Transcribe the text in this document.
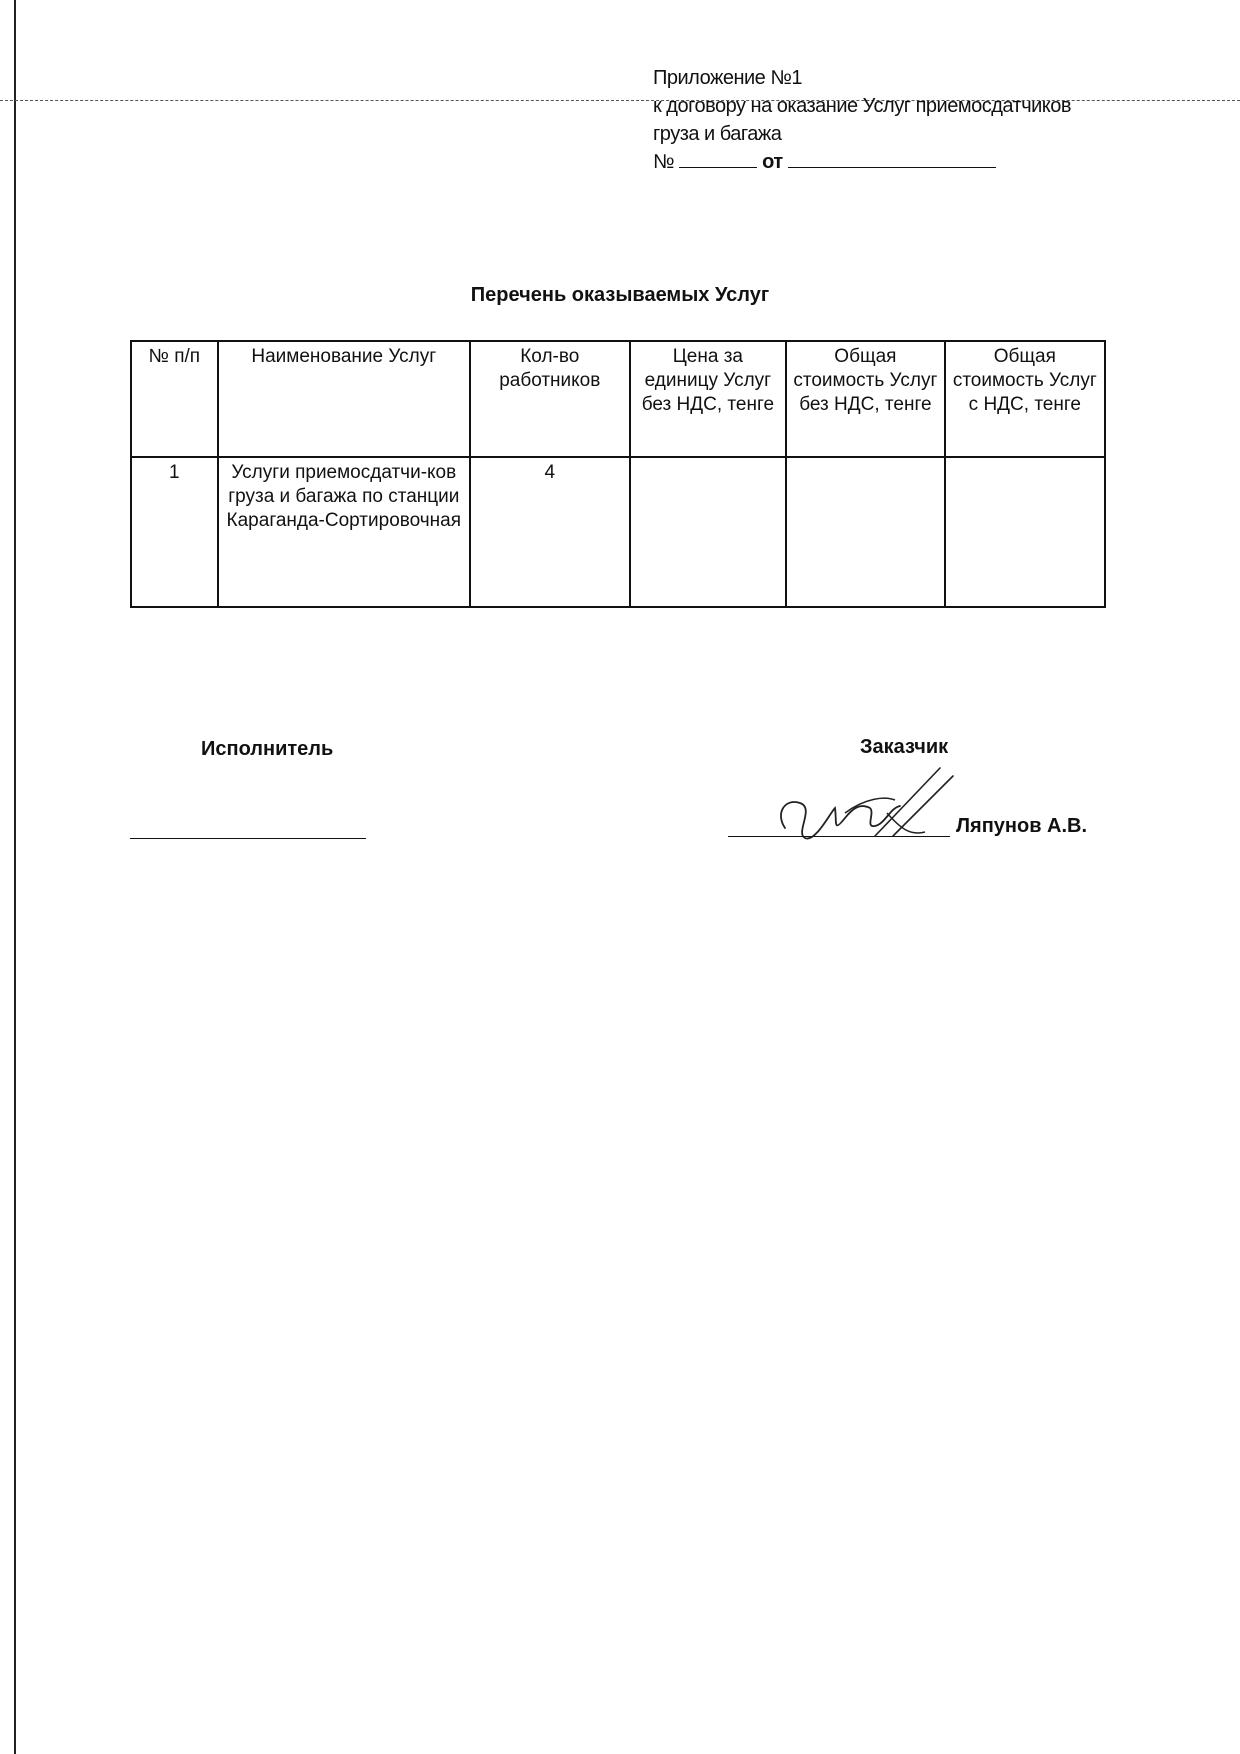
Приложение №1
к договору на оказание Услуг приемосдатчиков
груза и багажа
№	от
Перечень оказываемых Услуг
№ п/п	Наименование Услуг	Кол-во работников	Цена за единицу Услуг без НДС, тенге	Общая стоимость Услуг без НДС, тенге	Общая стоимость Услуг с НДС, тенге
1	Услуги приемосдатчи-ков груза и багажа по станции Караганда-Сортировочная	4			
Исполнитель	Заказчик
Ляпунов А.В.
